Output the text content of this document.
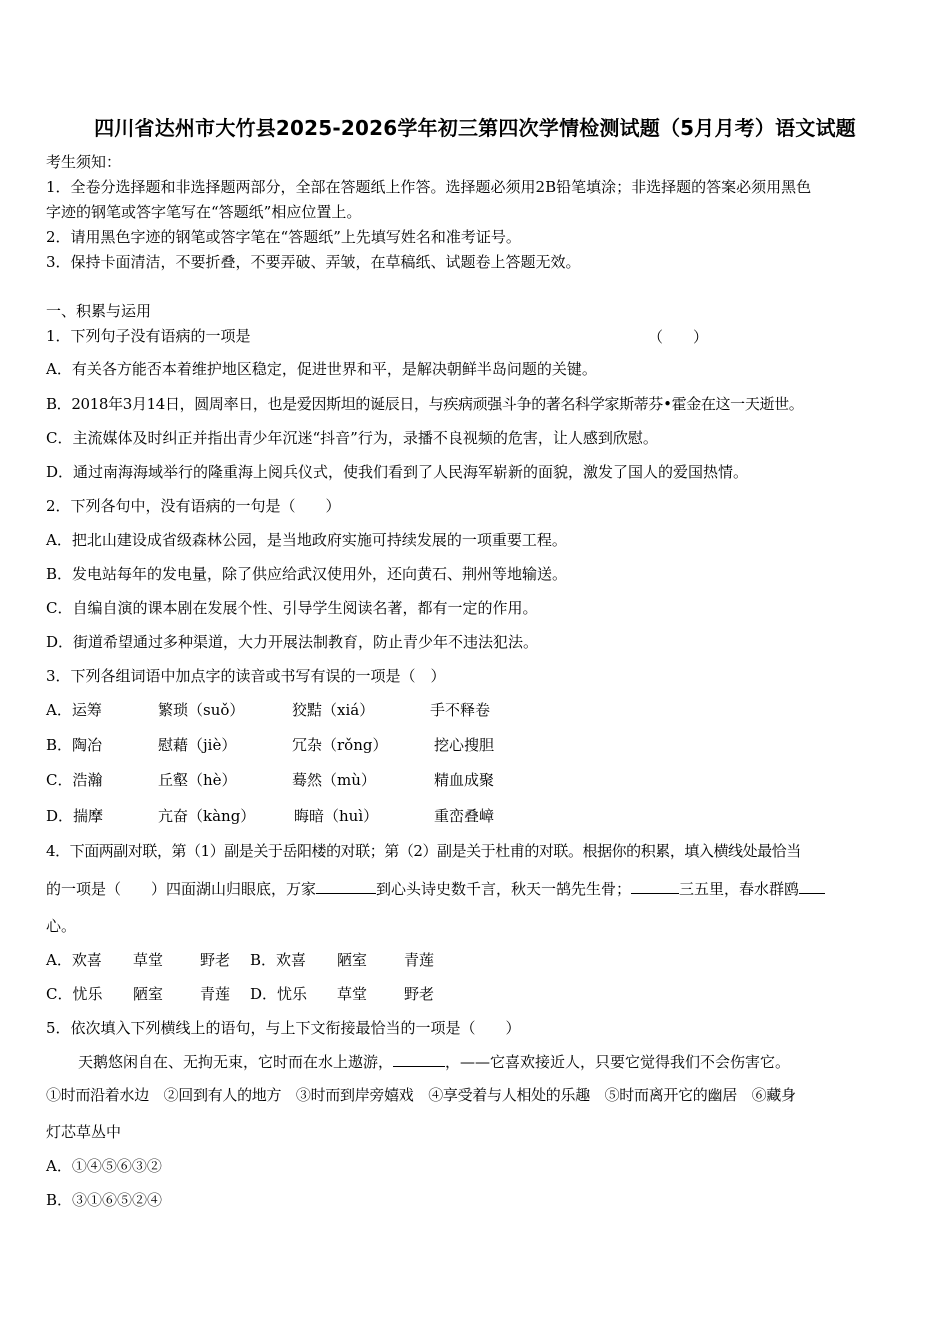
四川省达州市大竹县2025-2026学年初三第四次学情检测试题（5月月考）语文试题
考生须知：
1．全卷分选择题和非选择题两部分，全部在答题纸上作答。选择题必须用2B铅笔填涂；非选择题的答案必须用黑色
字迹的钢笔或答字笔写在“答题纸”相应位置上。
2．请用黑色字迹的钢笔或答字笔在“答题纸”上先填写姓名和准考证号。
3．保持卡面清洁，不要折叠，不要弄破、弄皱，在草稿纸、试题卷上答题无效。
一、积累与运用
1．下列句子没有语病的一项是	（　　）
A．有关各方能否本着维护地区稳定，促进世界和平，是解决朝鲜半岛问题的关键。
B．2018年3月14日，圆周率日，也是爱因斯坦的诞辰日，与疾病顽强斗争的著名科学家斯蒂芬•霍金在这一天逝世。
C．主流媒体及时纠正并指出青少年沉迷“抖音”行为，录播不良视频的危害，让人感到欣慰。
D．通过南海海域举行的隆重海上阅兵仪式，使我们看到了人民海军崭新的面貌，激发了国人的爱国热情。
2．下列各句中，没有语病的一句是（　　）
A．把北山建设成省级森林公园，是当地政府实施可持续发展的一项重要工程。
B．发电站每年的发电量，除了供应给武汉使用外，还向黄石、荆州等地输送。
C．自编自演的课本剧在发展个性、引导学生阅读名著，都有一定的作用。
D．街道希望通过多种渠道，大力开展法制教育，防止青少年不违法犯法。
3．下列各组词语中加点字的读音或书写有误的一项是（　）
A．运筹	繁琐（suǒ）	狡黠（xiá）	手不释卷
B．陶冶	慰藉（jiè）	冗杂（rǒng）	挖心搜胆
C．浩瀚	丘壑（hè）	蓦然（mù）	精血成聚
D．揣摩	亢奋（kàng）	晦暗（huì）	重峦叠嶂
4．下面两副对联，第（1）副是关于岳阳楼的对联；第（2）副是关于杜甫的对联。根据你的积累，填入横线处最恰当
的一项是（　　）四面湖山归眼底，万家	到心头诗史数千言，秋天一鹄先生骨；	三五里，春水群鸥
心。
A．欢喜 草堂 野老 B．欢喜 陋室 青莲
C．忧乐 陋室 青莲 D．忧乐 草堂 野老
5．依次填入下列横线上的语句，与上下文衔接最恰当的一项是（　　）
天鹅悠闲自在、无拘无束，它时而在水上遨游，	，——它喜欢接近人，只要它觉得我们不会伤害它。
①时而沿着水边　②回到有人的地方　③时而到岸旁嬉戏　④享受着与人相处的乐趣　⑤时而离开它的幽居　⑥藏身
灯芯草丛中
A．①④⑤⑥③②
B．③①⑥⑤②④
